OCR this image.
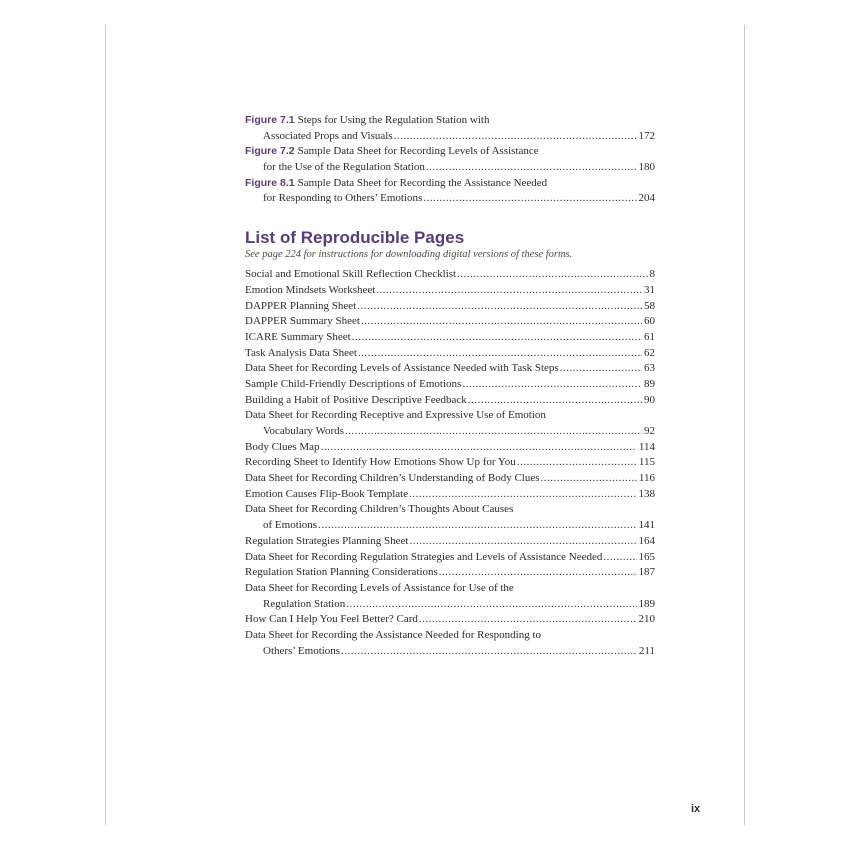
Figure 7.1 Steps for Using the Regulation Station with
Associated Props and Visuals .....	172
Figure 7.2 Sample Data Sheet for Recording Levels of Assistance
for the Use of the Regulation Station .....	180
Figure 8.1 Sample Data Sheet for Recording the Assistance Needed
for Responding to Others’ Emotions .....	204
List of Reproducible Pages
See page 224 for instructions for downloading digital versions of these forms.
Social and Emotional Skill Reflection Checklist .....	8
Emotion Mindsets Worksheet .....	31
DAPPER Planning Sheet .....	58
DAPPER Summary Sheet .....	60
ICARE Summary Sheet .....	61
Task Analysis Data Sheet .....	62
Data Sheet for Recording Levels of Assistance Needed with Task Steps .....	63
Sample Child-Friendly Descriptions of Emotions .....	89
Building a Habit of Positive Descriptive Feedback .....	90
Data Sheet for Recording Receptive and Expressive Use of Emotion
Vocabulary Words .....	92
Body Clues Map .....	114
Recording Sheet to Identify How Emotions Show Up for You .....	115
Data Sheet for Recording Children’s Understanding of Body Clues .....	116
Emotion Causes Flip-Book Template .....	138
Data Sheet for Recording Children’s Thoughts About Causes
of Emotions .....	141
Regulation Strategies Planning Sheet .....	164
Data Sheet for Recording Regulation Strategies and Levels of Assistance Needed .....	165
Regulation Station Planning Considerations .....	187
Data Sheet for Recording Levels of Assistance for Use of the
Regulation Station .....	189
How Can I Help You Feel Better? Card .....	210
Data Sheet for Recording the Assistance Needed for Responding to
Others’ Emotions .....	211
ix
